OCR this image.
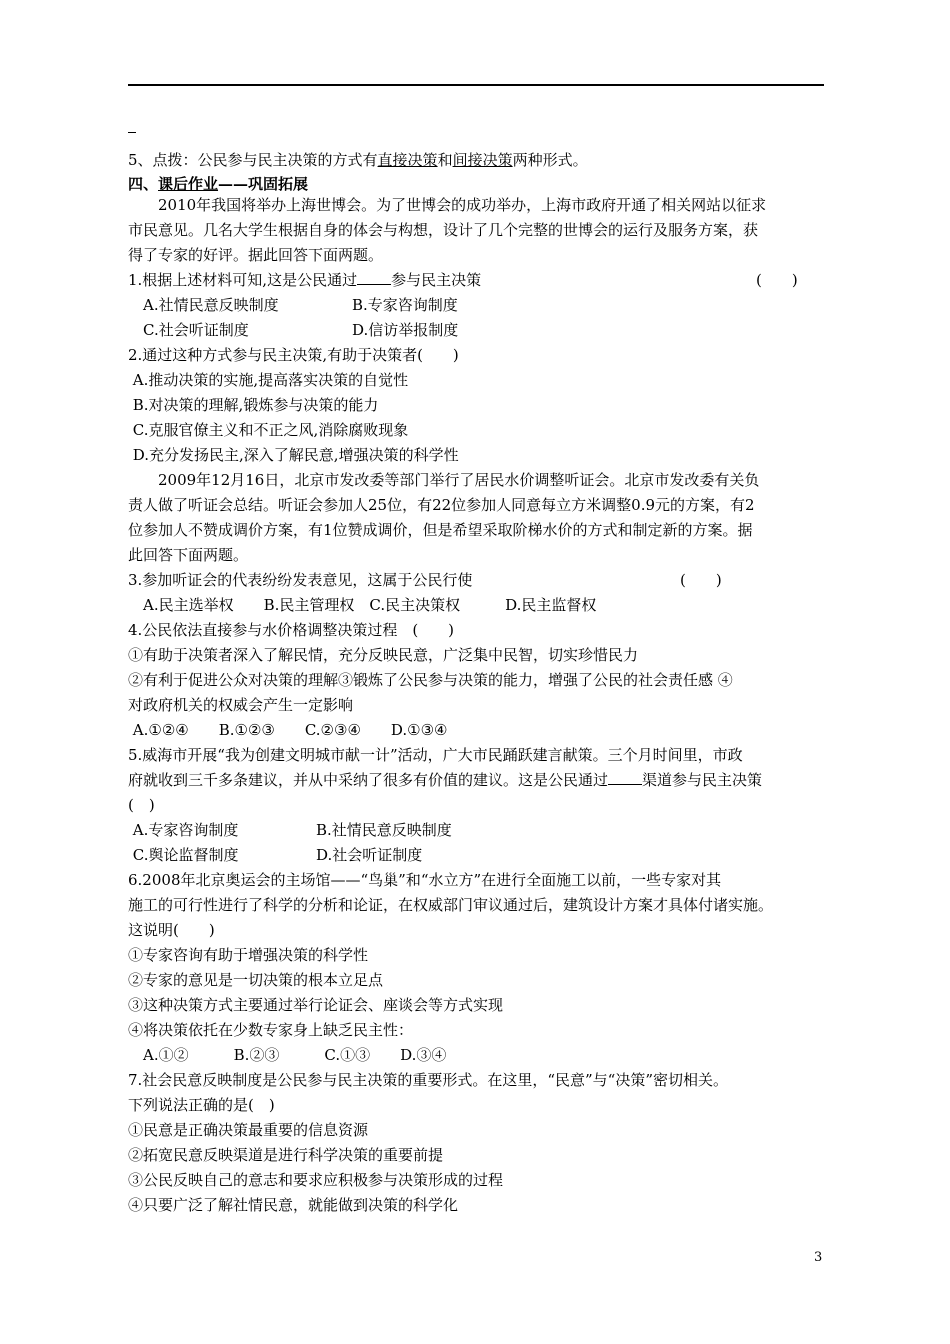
5、点拨：公民参与民主决策的方式有直接决策和间接决策两种形式。
四、课后作业——巩固拓展
　　2010年我国将举办上海世博会。为了世博会的成功举办，上海市政府开通了相关网站以征求
市民意见。几名大学生根据自身的体会与构想，设计了几个完整的世博会的运行及服务方案，获
得了专家的好评。据此回答下面两题。
1.根据上述材料可知,这是公民通过 参与民主决策	(　　)
　A.社情民意反映制度	B.专家咨询制度
　C.社会听证制度	D.信访举报制度
2.通过这种方式参与民主决策,有助于决策者(　　)
A.推动决策的实施,提高落实决策的自觉性
B.对决策的理解,锻炼参与决策的能力
C.克服官僚主义和不正之风,消除腐败现象
D.充分发扬民主,深入了解民意,增强决策的科学性
　　2009年12月16日，北京市发改委等部门举行了居民水价调整听证会。北京市发改委有关负
责人做了听证会总结。听证会参加人25位，有22位参加人同意每立方米调整0.9元的方案，有2
位参加人不赞成调价方案，有1位赞成调价，但是希望采取阶梯水价的方式和制定新的方案。据
此回答下面两题。
3.参加听证会的代表纷纷发表意见，这属于公民行使	(　　)
　A.民主选举权　　B.民主管理权　C.民主决策权　　　D.民主监督权
4.公民依法直接参与水价格调整决策过程　(　　)
①有助于决策者深入了解民情，充分反映民意，广泛集中民智，切实珍惜民力
②有利于促进公众对决策的理解③锻炼了公民参与决策的能力，增强了公民的社会责任感 ④
对政府机关的权威会产生一定影响
A.①②④　　B.①②③　　C.②③④　　D.①③④
5.威海市开展“我为创建文明城市献一计”活动，广大市民踊跃建言献策。三个月时间里，市政
府就收到三千多条建议，并从中采纳了很多有价值的建议。这是公民通过 渠道参与民主决策
(　)
A.专家咨询制度	B.社情民意反映制度
C.舆论监督制度	D.社会听证制度
6.2008年北京奥运会的主场馆——“鸟巢”和“水立方”在进行全面施工以前，一些专家对其
施工的可行性进行了科学的分析和论证，在权威部门审议通过后，建筑设计方案才具体付诸实施。
这说明(　　)
①专家咨询有助于增强决策的科学性
②专家的意见是一切决策的根本立足点
③这种决策方式主要通过举行论证会、座谈会等方式实现
④将决策依托在少数专家身上缺乏民主性：
　A.①②　　　B.②③　　　C.①③　　D.③④
7.社会民意反映制度是公民参与民主决策的重要形式。在这里，“民意”与“决策”密切相关。
下列说法正确的是(　)
①民意是正确决策最重要的信息资源
②拓宽民意反映渠道是进行科学决策的重要前提
③公民反映自己的意志和要求应积极参与决策形成的过程
④只要广泛了解社情民意，就能做到决策的科学化
3
